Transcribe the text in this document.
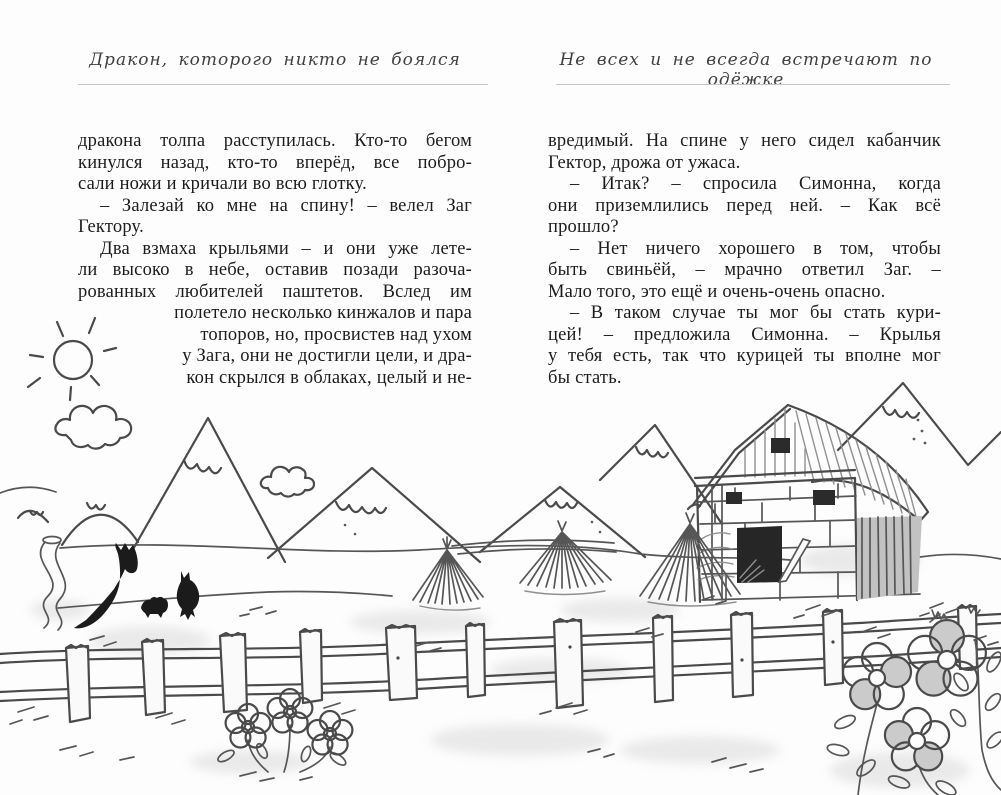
Дракон, которого никто не боялся	Не всех и не всегда встречают по одёжке
дракона толпа расступилась. Кто-то бегом
кинулся назад, кто-то вперёд, все побро-
сали ножи и кричали во всю глотку.
– Залезай ко мне на спину! – велел Заг
Гектору.
Два взмаха крыльями – и они уже лете-
ли высоко в небе, оставив позади разоча-
рованных любителей паштетов. Вслед им
полетело несколько кинжалов и пара
топоров, но, просвистев над ухом
у Зага, они не достигли цели, и дра-
кон скрылся в облаках, целый и не-
вредимый. На спине у него сидел кабанчик
Гектор, дрожа от ужаса.
– Итак? – спросила Симонна, когда
они приземлились перед ней. – Как всё
прошло?
– Нет ничего хорошего в том, чтобы
быть свиньёй, – мрачно ответил Заг. –
Мало того, это ещё и очень-очень опасно.
– В таком случае ты мог бы стать кури-
цей! – предложила Симонна. – Крылья
у тебя есть, так что курицей ты вполне мог
бы стать.
